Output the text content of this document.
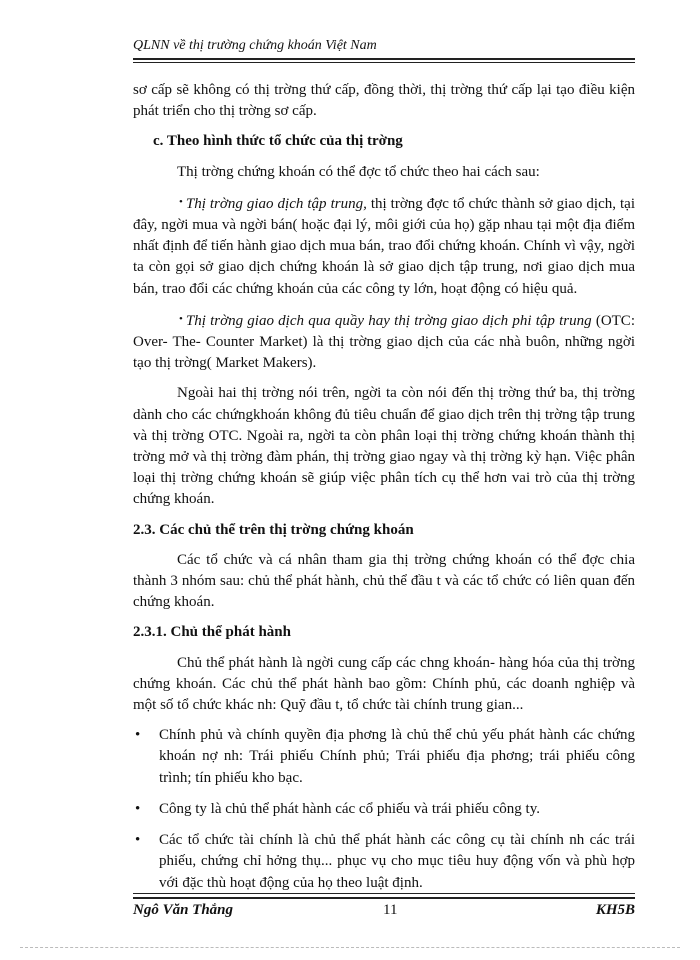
QLNN về thị trường chứng khoán Việt Nam

sơ cấp sẽ không có thị trờng thứ cấp, đồng thời, thị trờng thứ cấp lại tạo điều kiện phát triển cho thị trờng sơ cấp.

c. Theo hình thức tổ chức của thị trờng

Thị trờng chứng khoán có thể đợc tổ chức theo hai cách sau:

• Thị trờng giao dịch tập trung, thị trờng đợc tổ chức thành sở giao dịch, tại đây, ngời mua và ngời bán( hoặc đại lý, môi giới của họ) gặp nhau tại một địa điểm nhất định để tiến hành giao dịch mua bán, trao đổi chứng khoán. Chính vì vậy, ngời ta còn gọi sở giao dịch chứng khoán là sở giao dịch tập trung, nơi giao dịch mua bán, trao đổi các chứng khoán của các công ty lớn, hoạt động có hiệu quả.

• Thị trờng giao dịch qua quầy hay thị trờng giao dịch phi tập trung (OTC: Over- The- Counter Market) là thị trờng giao dịch của các nhà buôn, những ngời tạo thị trờng( Market Makers).

Ngoài hai thị trờng nói trên, ngời ta còn nói đến thị trờng thứ ba, thị trờng dành cho các chứngkhoán không đủ tiêu chuẩn để giao dịch trên thị trờng tập trung và thị trờng OTC. Ngoài ra, ngời ta còn phân loại thị trờng chứng khoán thành thị trờng mở và thị trờng đàm phán, thị trờng giao ngay và thị trờng kỳ hạn. Việc phân loại thị trờng chứng khoán sẽ giúp việc phân tích cụ thể hơn vai trò của thị trờng chứng khoán.

2.3. Các chủ thể trên thị trờng chứng khoán

Các tổ chức và cá nhân tham gia thị trờng chứng khoán có thể đợc chia thành 3 nhóm sau: chủ thể phát hành, chủ thể đầu t và các tổ chức có liên quan đến chứng khoán.

2.3.1. Chủ thể phát hành

Chủ thể phát hành là ngời cung cấp các chng khoán- hàng hóa của thị trờng chứng khoán. Các chủ thể phát hành bao gồm: Chính phủ, các doanh nghiệp và một số tổ chức khác nh: Quỹ đầu t, tổ chức tài chính trung gian...

• Chính phủ và chính quyền địa phơng là chủ thể chủ yếu phát hành các chứng khoán nợ nh: Trái phiếu Chính phủ; Trái phiếu địa phơng; trái phiếu công trình; tín phiếu kho bạc.
• Công ty là chủ thể phát hành các cổ phiếu và trái phiếu công ty.
• Các tổ chức tài chính là chủ thể phát hành các công cụ tài chính nh các trái phiếu, chứng chỉ hởng thụ... phục vụ cho mục tiêu huy động vốn và phù hợp với đặc thù hoạt động của họ theo luật định.
Ngô Văn Thắng	11	KH5B
